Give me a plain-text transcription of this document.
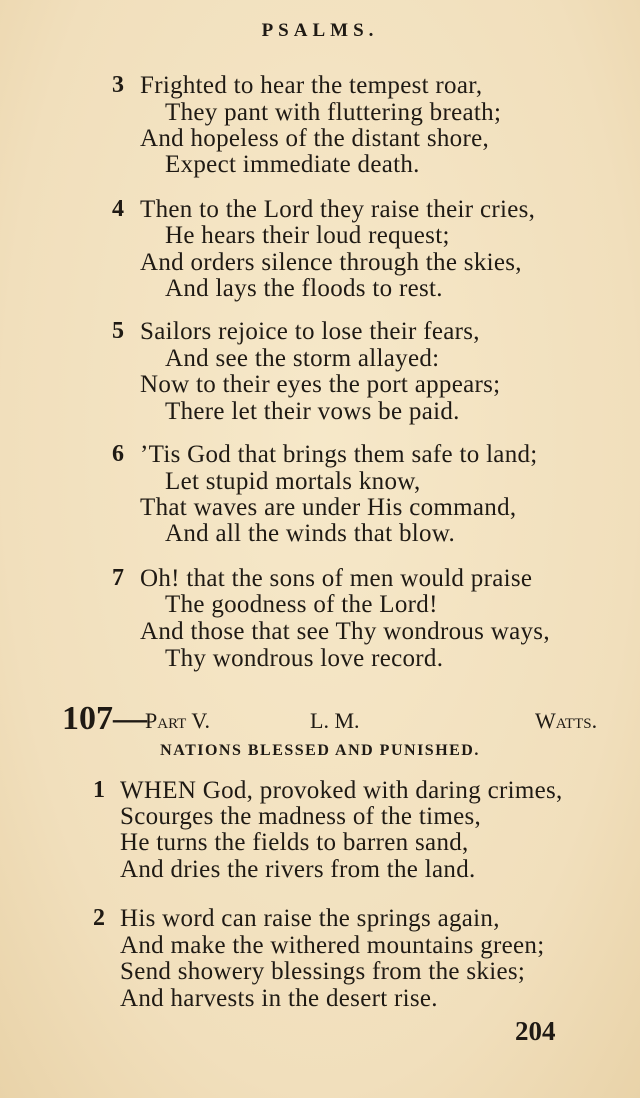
PSALMS.
3 Frighted to hear the tempest roar,
They pant with fluttering breath;
And hopeless of the distant shore,
Expect immediate death.
4 Then to the Lord they raise their cries,
He hears their loud request;
And orders silence through the skies,
And lays the floods to rest.
5 Sailors rejoice to lose their fears,
And see the storm allayed:
Now to their eyes the port appears;
There let their vows be paid.
6 ’Tis God that brings them safe to land;
Let stupid mortals know,
That waves are under His command,
And all the winds that blow.
7 Oh! that the sons of men would praise
The goodness of the Lord!
And those that see Thy wondrous ways,
Thy wondrous love record.
107—
Part V.	L. M.	Watts.
NATIONS BLESSED AND PUNISHED.
1 WHEN God, provoked with daring crimes,
Scourges the madness of the times,
He turns the fields to barren sand,
And dries the rivers from the land.
2 His word can raise the springs again,
And make the withered mountains green;
Send showery blessings from the skies;
And harvests in the desert rise.
204
